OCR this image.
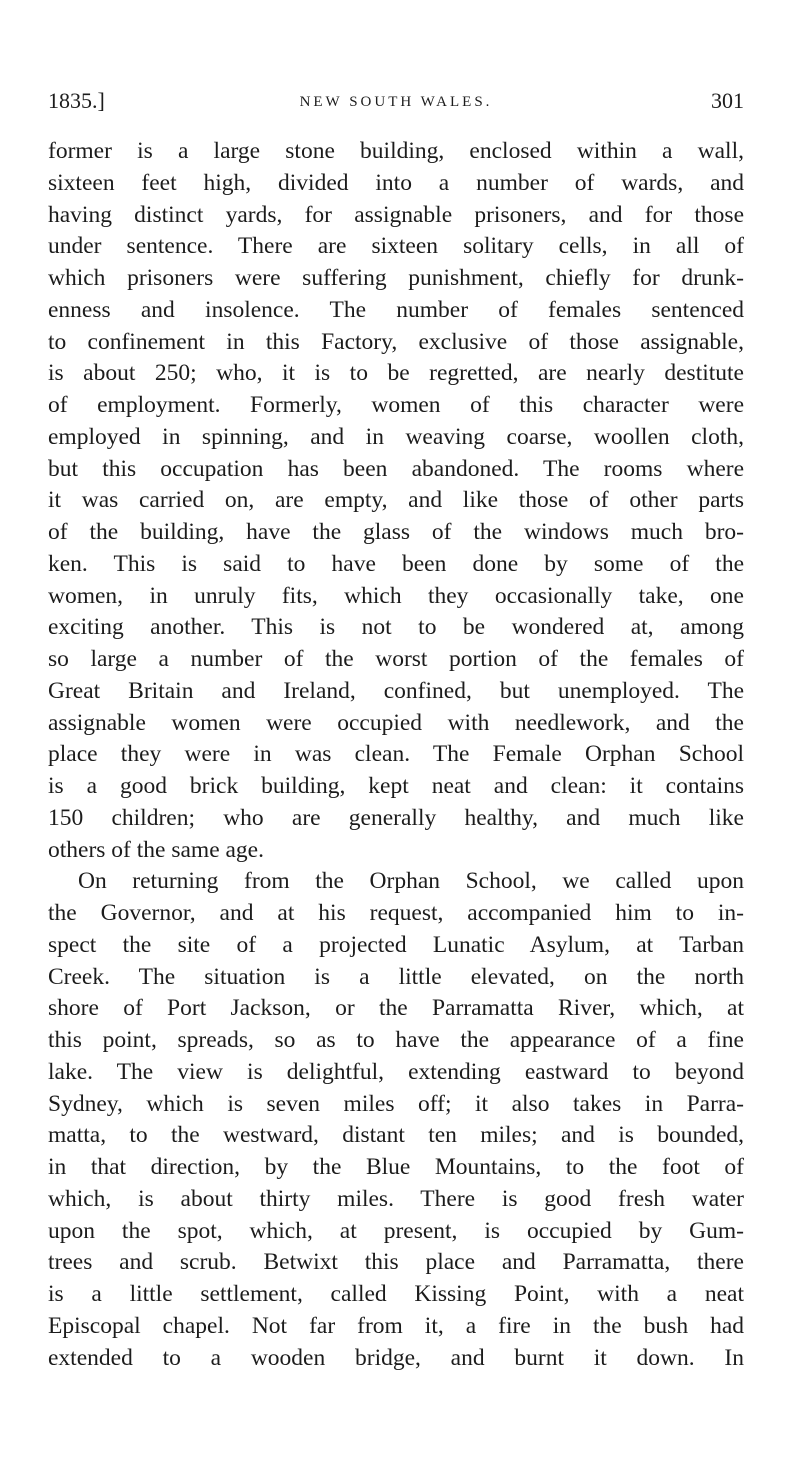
1835.]	NEW SOUTH WALES.	301
former is a large stone building, enclosed within a wall,
sixteen feet high, divided into a number of wards, and
having distinct yards, for assignable prisoners, and for those
under sentence. There are sixteen solitary cells, in all of
which prisoners were suffering punishment, chiefly for drunk-
enness and insolence. The number of females sentenced
to confinement in this Factory, exclusive of those assignable,
is about 250; who, it is to be regretted, are nearly destitute
of employment. Formerly, women of this character were
employed in spinning, and in weaving coarse, woollen cloth,
but this occupation has been abandoned. The rooms where
it was carried on, are empty, and like those of other parts
of the building, have the glass of the windows much bro-
ken. This is said to have been done by some of the
women, in unruly fits, which they occasionally take, one
exciting another. This is not to be wondered at, among
so large a number of the worst portion of the females of
Great Britain and Ireland, confined, but unemployed. The
assignable women were occupied with needlework, and the
place they were in was clean. The Female Orphan School
is a good brick building, kept neat and clean: it contains
150 children; who are generally healthy, and much like
others of the same age.
On returning from the Orphan School, we called upon
the Governor, and at his request, accompanied him to in-
spect the site of a projected Lunatic Asylum, at Tarban
Creek. The situation is a little elevated, on the north
shore of Port Jackson, or the Parramatta River, which, at
this point, spreads, so as to have the appearance of a fine
lake. The view is delightful, extending eastward to beyond
Sydney, which is seven miles off; it also takes in Parra-
matta, to the westward, distant ten miles; and is bounded,
in that direction, by the Blue Mountains, to the foot of
which, is about thirty miles. There is good fresh water
upon the spot, which, at present, is occupied by Gum-
trees and scrub. Betwixt this place and Parramatta, there
is a little settlement, called Kissing Point, with a neat
Episcopal chapel. Not far from it, a fire in the bush had
extended to a wooden bridge, and burnt it down. In
